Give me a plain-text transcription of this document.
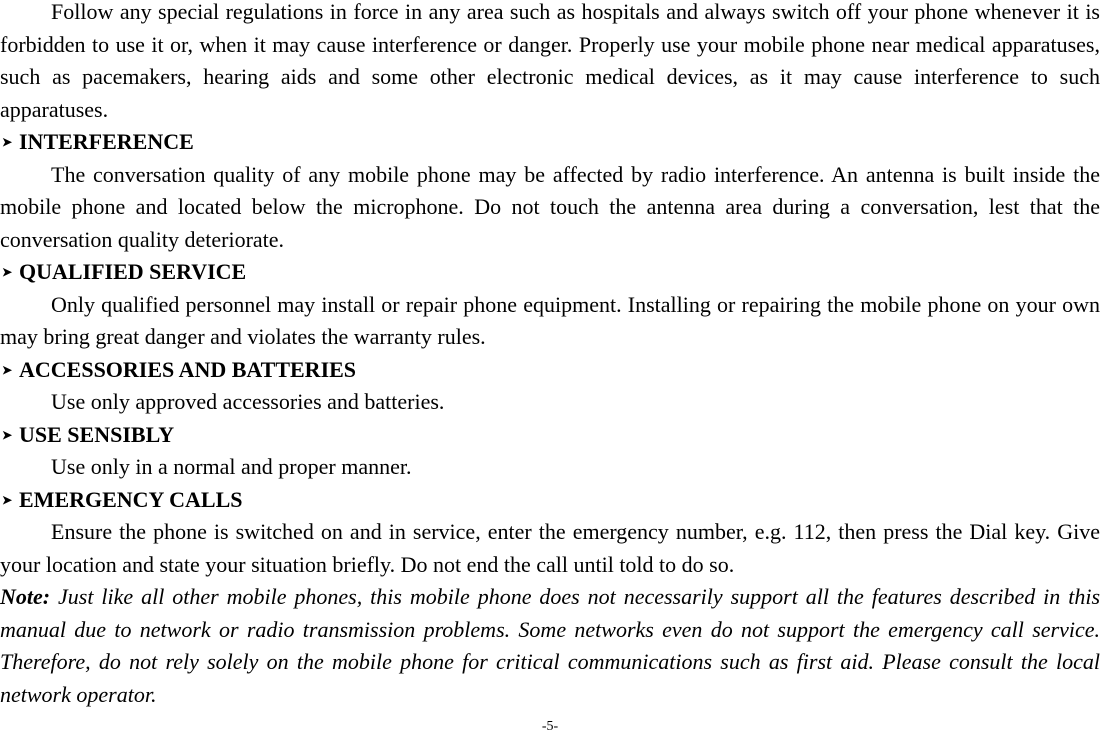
Follow any special regulations in force in any area such as hospitals and always switch off your phone whenever it is forbidden to use it or, when it may cause interference or danger. Properly use your mobile phone near medical apparatuses, such as pacemakers, hearing aids and some other electronic medical devices, as it may cause interference to such apparatuses.

➤ INTERFERENCE

The conversation quality of any mobile phone may be affected by radio interference. An antenna is built inside the mobile phone and located below the microphone. Do not touch the antenna area during a conversation, lest that the conversation quality deteriorate.

➤ QUALIFIED SERVICE

Only qualified personnel may install or repair phone equipment. Installing or repairing the mobile phone on your own may bring great danger and violates the warranty rules.

➤ ACCESSORIES AND BATTERIES

Use only approved accessories and batteries.

➤ USE SENSIBLY

Use only in a normal and proper manner.

➤ EMERGENCY CALLS

Ensure the phone is switched on and in service, enter the emergency number, e.g. 112, then press the Dial key. Give your location and state your situation briefly. Do not end the call until told to do so.

Note: Just like all other mobile phones, this mobile phone does not necessarily support all the features described in this manual due to network or radio transmission problems. Some networks even do not support the emergency call service. Therefore, do not rely solely on the mobile phone for critical communications such as first aid. Please consult the local network operator.

-5-
